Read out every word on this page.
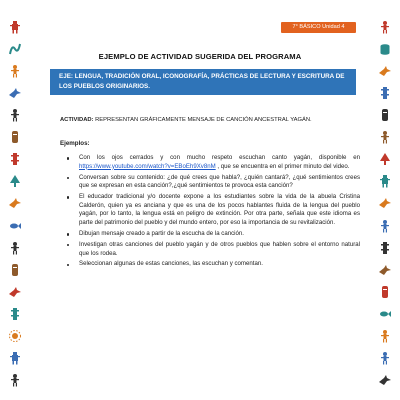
7° BÁSICO Unidad 4
EJEMPLO DE ACTIVIDAD SUGERIDA DEL PROGRAMA
EJE: LENGUA, TRADICIÓN ORAL, ICONOGRAFÍA, PRÁCTICAS DE LECTURA Y ESCRITURA DE LOS PUEBLOS ORIGINARIOS.
ACTIVIDAD: REPRESENTAN GRÁFICAMENTE MENSAJE DE CANCIÓN ANCESTRAL YAGÁN.
Ejemplos:
Con los ojos cerrados y con mucho respeto escuchan canto yagán, disponible en https://www.youtube.com/watch?v=EBoEh9Xv8nM , que se encuentra en el primer minuto del video.
Conversan sobre su contenido: ¿de qué crees que habla?, ¿quién cantará?, ¿qué sentimientos crees que se expresan en esta canción?,¿qué sentimientos te provoca esta canción?
El educador tradicional y/o docente expone a los estudiantes sobre la vida de la abuela Cristina Calderón, quien ya es anciana y que es una de los pocos hablantes fluida de la lengua del pueblo yagán, por lo tanto, la lengua está en peligro de extinción. Por otra parte, señala que este idioma es parte del patrimonio del pueblo y del mundo entero, por eso la importancia de su revitalización.
Dibujan mensaje creado a partir de la escucha de la canción.
Investigan otras canciones del pueblo yagán y de otros pueblos que hablen sobre el entorno natural que los rodea.
Seleccionan algunas de estas canciones, las escuchan y comentan.
